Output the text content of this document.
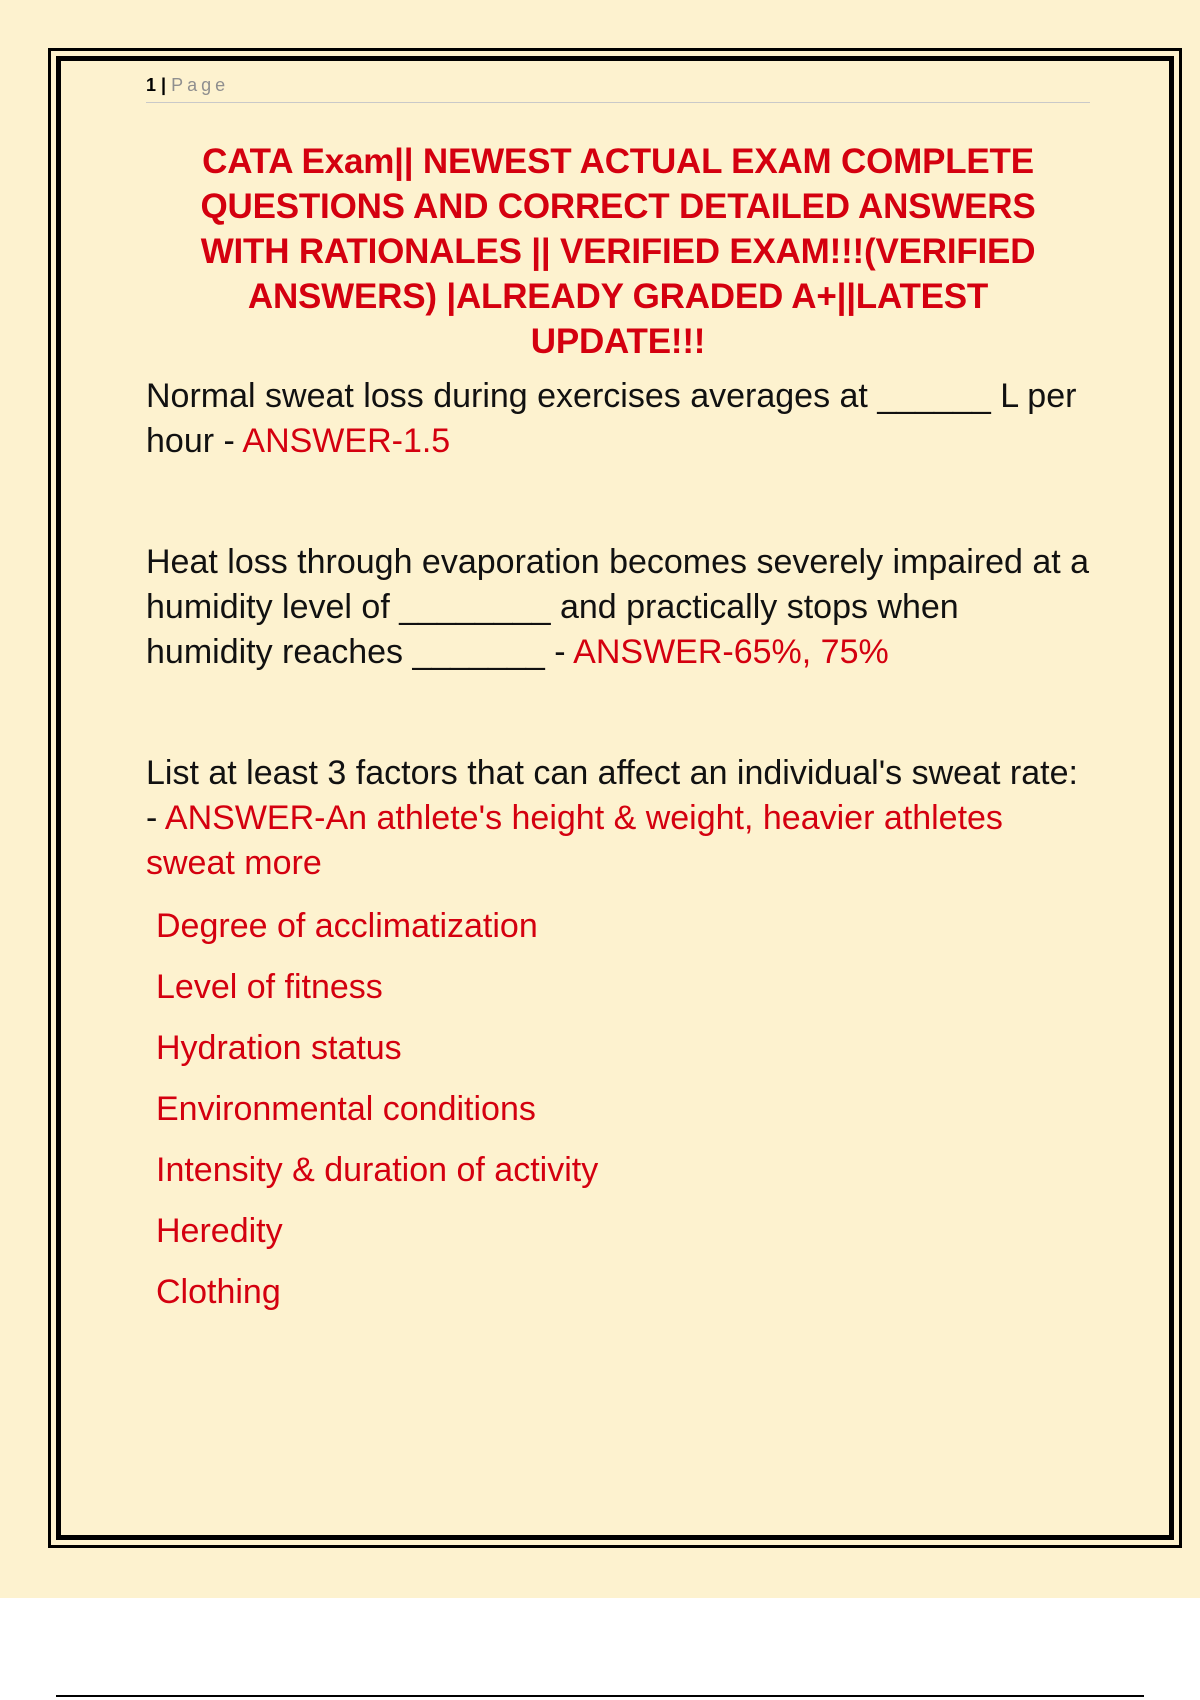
1 | Page
CATA Exam|| NEWEST ACTUAL EXAM COMPLETE
QUESTIONS AND CORRECT DETAILED ANSWERS
WITH RATIONALES || VERIFIED EXAM!!!(VERIFIED
ANSWERS) |ALREADY GRADED A+||LATEST
UPDATE!!!
Normal sweat loss during exercises averages at ______ L per hour - ANSWER-1.5
Heat loss through evaporation becomes severely impaired at a humidity level of ________ and practically stops when humidity reaches _______ - ANSWER-65%, 75%
List at least 3 factors that can affect an individual's sweat rate: - ANSWER-An athlete's height & weight, heavier athletes sweat more
Degree of acclimatization
Level of fitness
Hydration status
Environmental conditions
Intensity & duration of activity
Heredity
Clothing
